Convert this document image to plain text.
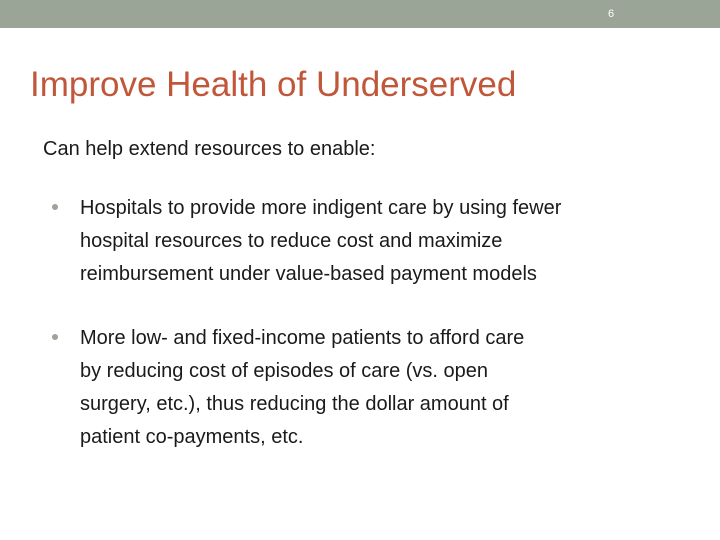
6
Improve Health of Underserved
Can help extend resources to enable:
Hospitals to provide more indigent care by using fewer
hospital resources to reduce cost and maximize
reimbursement under value-based payment models
More low- and fixed-income patients to afford care
by reducing cost of episodes of care (vs. open
surgery, etc.), thus reducing the dollar amount of
patient co-payments, etc.
